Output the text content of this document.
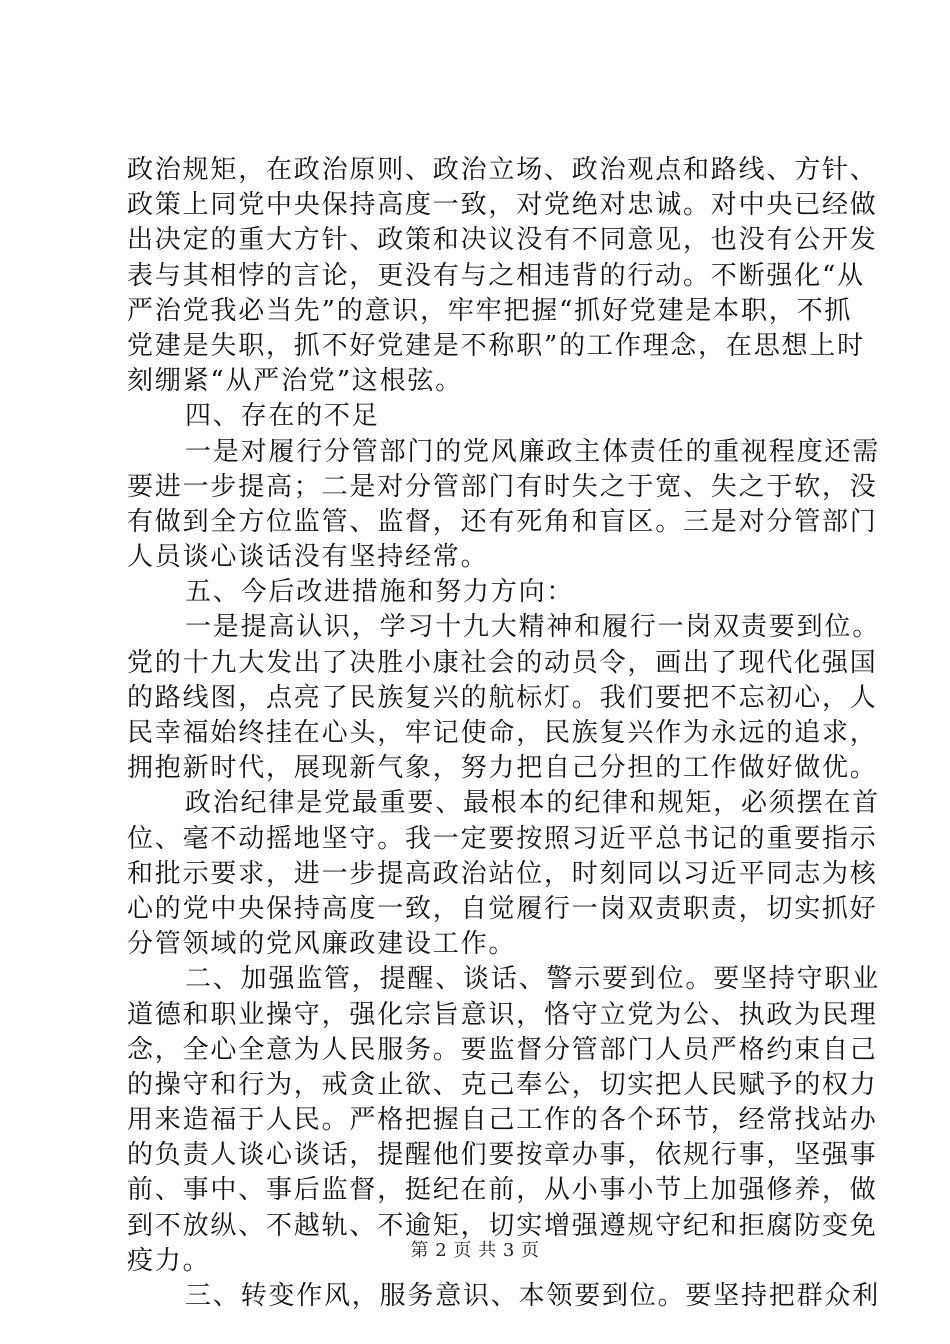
政治规矩，在政治原则、政治立场、政治观点和路线、方针、
政策上同党中央保持高度一致，对党绝对忠诚。对中央已经做
出决定的重大方针、政策和决议没有不同意见，也没有公开发
表与其相悖的言论，更没有与之相违背的行动。不断强化“从
严治党我必当先”的意识，牢牢把握“抓好党建是本职，不抓
党建是失职，抓不好党建是不称职”的工作理念，在思想上时
刻绷紧“从严治党”这根弦。
四、存在的不足
一是对履行分管部门的党风廉政主体责任的重视程度还需
要进一步提高；二是对分管部门有时失之于宽、失之于软，没
有做到全方位监管、监督，还有死角和盲区。三是对分管部门
人员谈心谈话没有坚持经常。
五、今后改进措施和努力方向：
一是提高认识，学习十九大精神和履行一岗双责要到位。
党的十九大发出了决胜小康社会的动员令，画出了现代化强国
的路线图，点亮了民族复兴的航标灯。我们要把不忘初心，人
民幸福始终挂在心头，牢记使命，民族复兴作为永远的追求，
拥抱新时代，展现新气象，努力把自己分担的工作做好做优。
政治纪律是党最重要、最根本的纪律和规矩，必须摆在首
位、毫不动摇地坚守。我一定要按照习近平总书记的重要指示
和批示要求，进一步提高政治站位，时刻同以习近平同志为核
心的党中央保持高度一致，自觉履行一岗双责职责，切实抓好
分管领域的党风廉政建设工作。
二、加强监管，提醒、谈话、警示要到位。要坚持守职业
道德和职业操守，强化宗旨意识，恪守立党为公、执政为民理
念，全心全意为人民服务。要监督分管部门人员严格约束自己
的操守和行为，戒贪止欲、克己奉公，切实把人民赋予的权力
用来造福于人民。严格把握自己工作的各个环节，经常找站办
的负责人谈心谈话，提醒他们要按章办事，依规行事，坚强事
前、事中、事后监督，挺纪在前，从小事小节上加强修养，做
到不放纵、不越轨、不逾矩，切实增强遵规守纪和拒腐防变免
疫力。
三、转变作风，服务意识、本领要到位。要坚持把群众利
第 2 页 共 3 页
